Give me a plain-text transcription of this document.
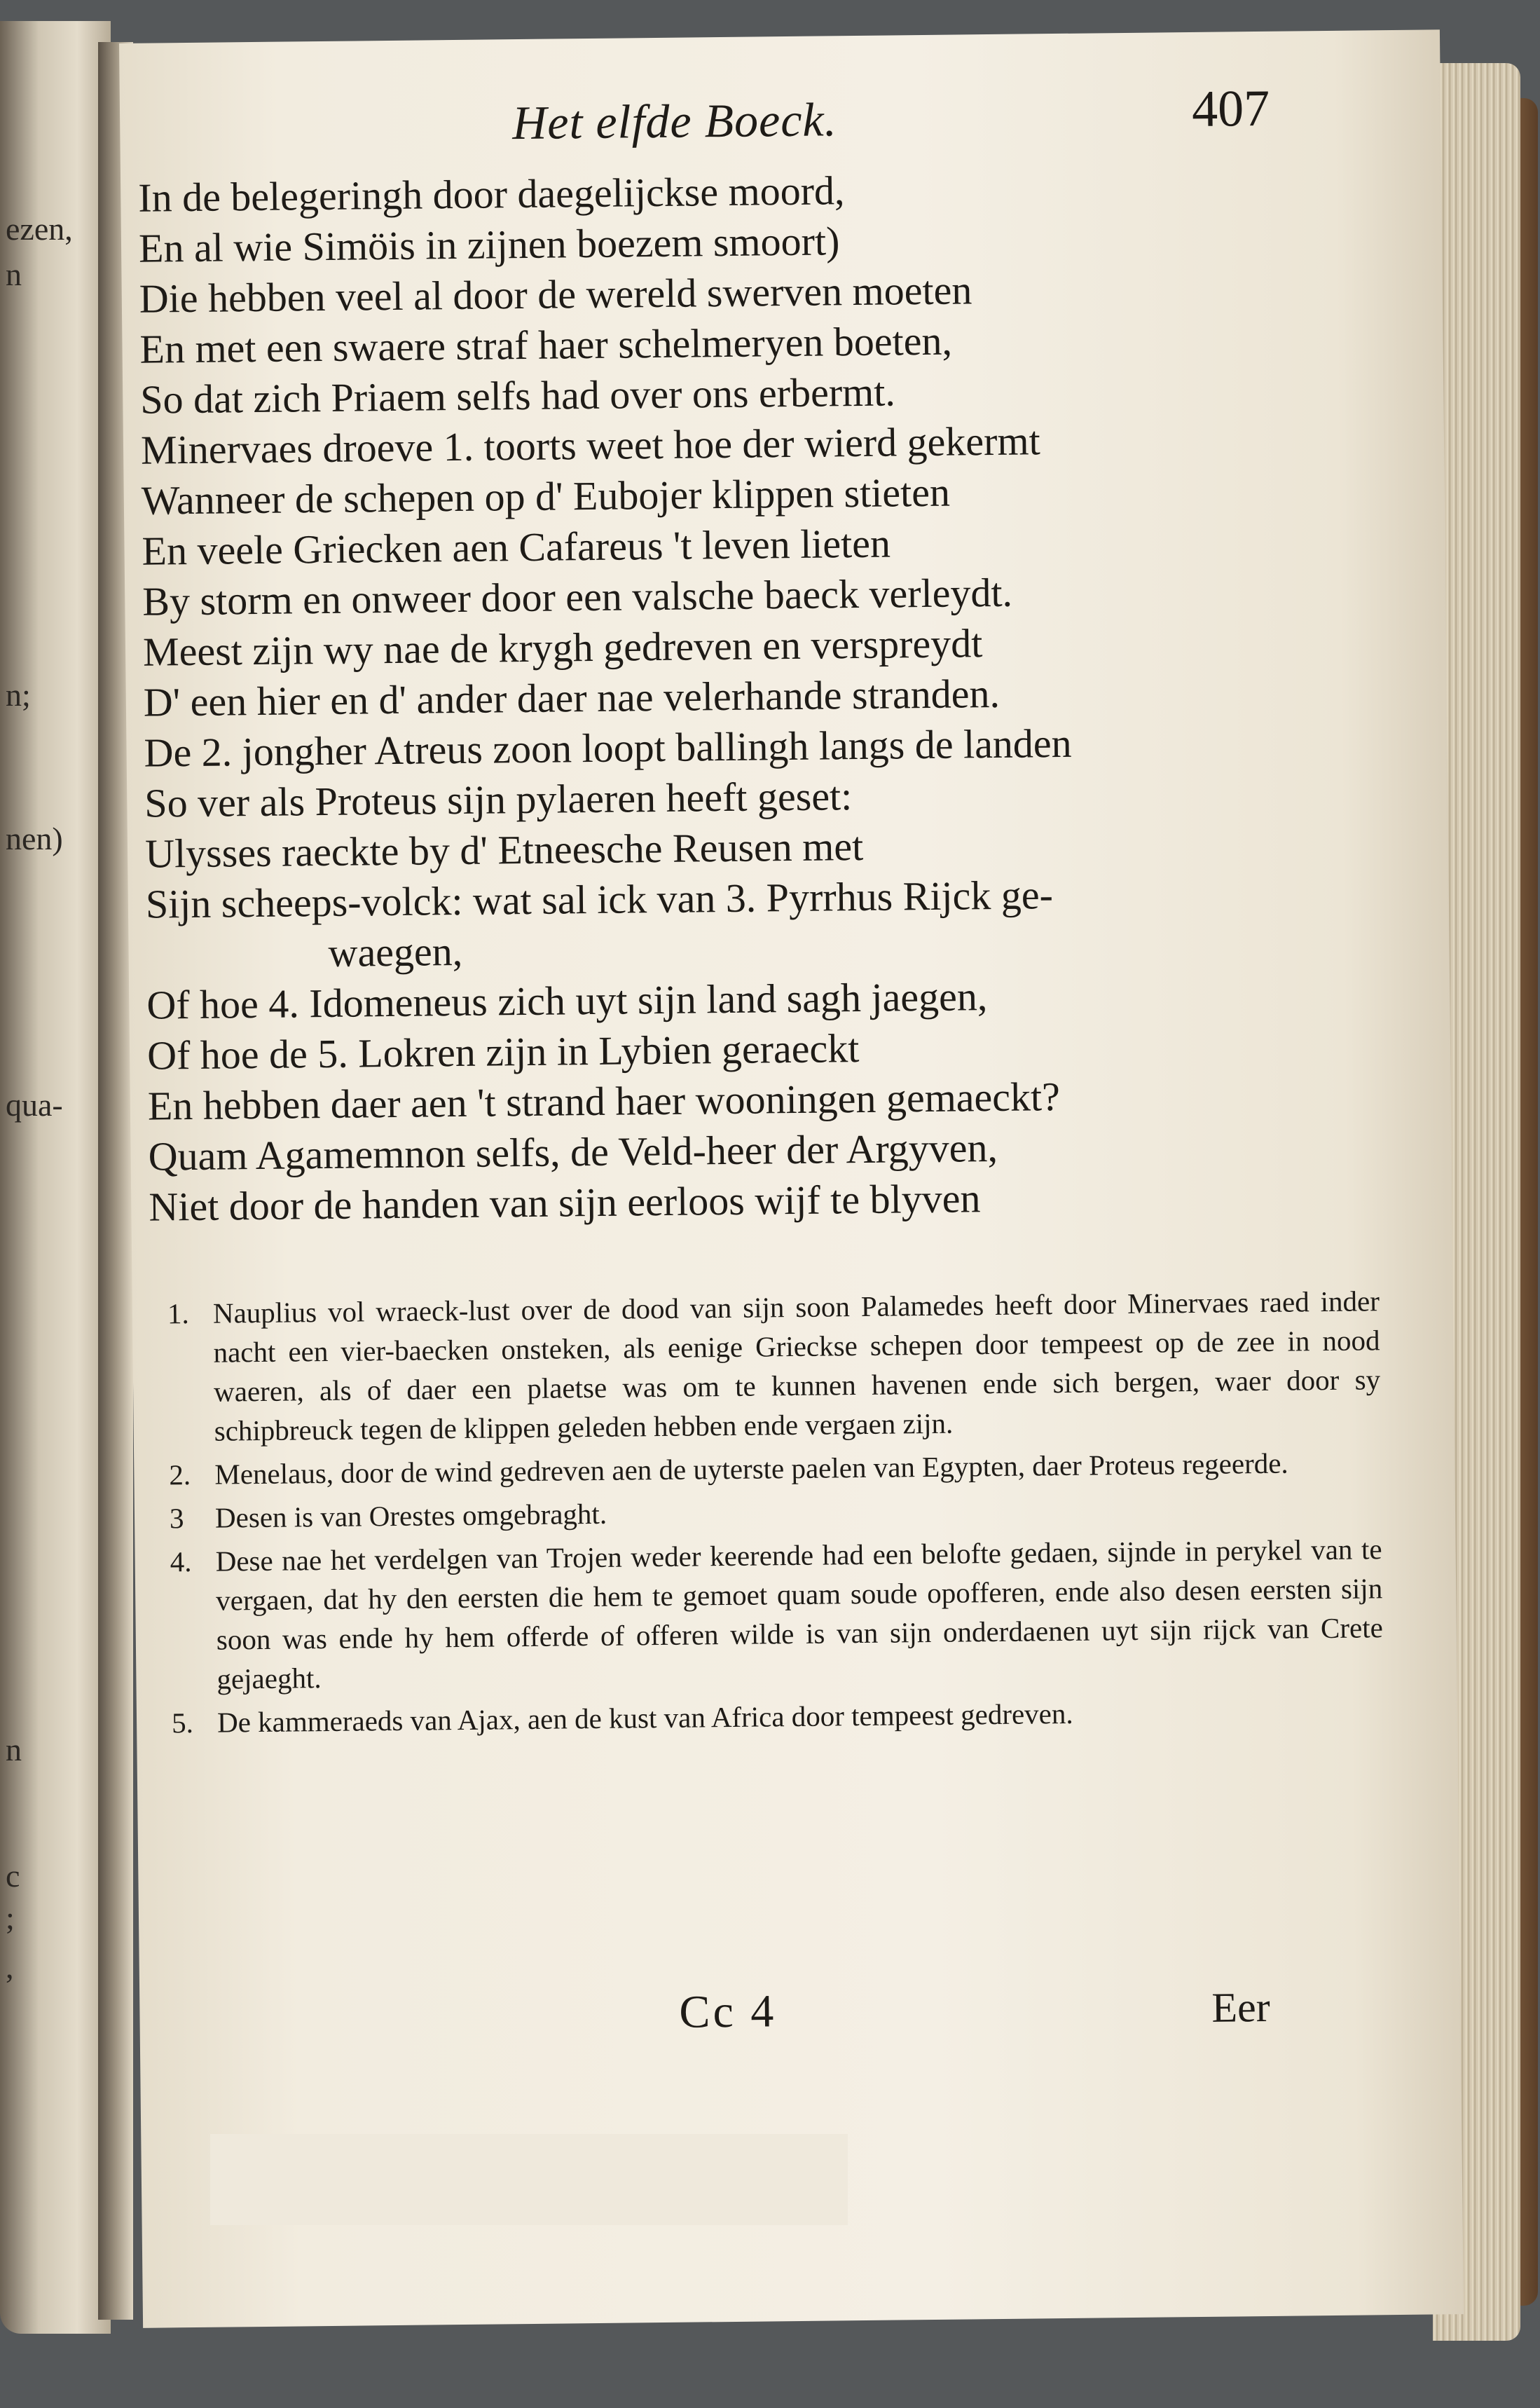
ezen,
n
n;
nen)
qua-
n
c
;
,
Het elfde Boeck.	407
In de belegeringh door daegelijckse moord,
En al wie Simöis in zijnen boezem smoort)
Die hebben veel al door de wereld swerven moeten
En met een swaere straf haer schelmeryen boeten,
So dat zich Priaem selfs had over ons erbermt.
Minervaes droeve 1. toorts weet hoe der wierd gekermt
Wanneer de schepen op d' Eubojer klippen stieten
En veele Griecken aen Cafareus 't leven lieten
By storm en onweer door een valsche baeck verleydt.
Meest zijn wy nae de krygh gedreven en verspreydt
D' een hier en d' ander daer nae velerhande stranden.
De 2. jongher Atreus zoon loopt ballingh langs de landen
So ver als Proteus sijn pylaeren heeft geset:
Ulysses raeckte by d' Etneesche Reusen met
Sijn scheeps-volck: wat sal ick van 3. Pyrrhus Rijck ge-
waegen,
Of hoe 4. Idomeneus zich uyt sijn land sagh jaegen,
Of hoe de 5. Lokren zijn in Lybien geraeckt
En hebben daer aen 't strand haer wooningen gemaeckt?
Quam Agamemnon selfs, de Veld-heer der Argyven,
Niet door de handen van sijn eerloos wijf te blyven
1. Nauplius vol wraeck-lust over de dood van sijn soon Palamedes heeft door Minervaes raed inder nacht een vier-baecken onsteken, als eenige Grieckse schepen door tempeest op de zee in nood waeren, als of daer een plaetse was om te kunnen havenen ende sich bergen, waer door sy schipbreuck tegen de klippen geleden hebben ende vergaen zijn.
2. Menelaus, door de wind gedreven aen de uyterste paelen van Egypten, daer Proteus regeerde.
3	Desen is van Orestes omgebraght.
4. Dese nae het verdelgen van Trojen weder keerende had een belofte gedaen, sijnde in perykel van te vergaen, dat hy den eersten die hem te gemoet quam soude opofferen, ende also desen eersten sijn soon was ende hy hem offerde of offeren wilde is van sijn onderdaenen uyt sijn rijck van Crete gejaeght.
5. De kammeraeds van Ajax, aen de kust van Africa door tempeest gedreven.
Cc 4	Eer
